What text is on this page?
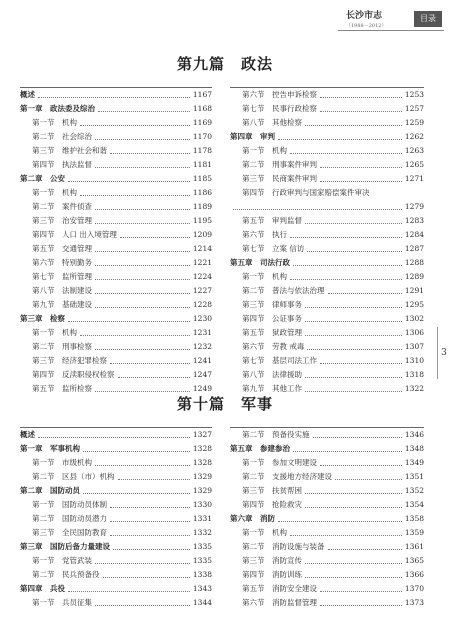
长沙市志
（1988－2012）
目录
第九篇　政法
概述	1167
第一章　政法委及综治	1168
第一节　机构	1169
第二节　社会综治	1170
第三节　维护社会和谐	1178
第四节　执法监督	1181
第二章　公安	1185
第一节　机构	1186
第二节　案件侦查	1189
第三节　治安管理	1195
第四节　人口 出入境管理	1209
第五节　交通管理	1214
第六节　特别勤务	1221
第七节　监所管理	1224
第八节　法制建设	1227
第九节　基础建设	1228
第三章　检察	1230
第一节　机构	1231
第二节　刑事检察	1232
第三节　经济犯罪检察	1241
第四节　反渎职侵权检察	1247
第五节　监所检察	1249
第六节　控告申诉检察	1253
第七节　民事行政检察	1257
第八节　其他检察	1259
第四章　审判	1262
第一节　机构	1263
第二节　刑事案件审判	1265
第三节　民商案件审判	1271
第四节　行政审判与国家赔偿案件审决
1279
第五节　审判监督	1283
第六节　执行	1284
第七节　立案 信访	1287
第五章　司法行政	1288
第一节　机构	1289
第二节　普法与依法治理	1291
第三节　律师事务	1295
第四节　公证事务	1302
第五节　狱政管理	1306
第六节　劳教 戒毒	1307
第七节　基层司法工作	1310
第八节　法律援助	1318
第九节　其他工作	1322
第十篇　军事
概述	1327
第一章　军事机构	1328
第一节　市级机构	1328
第二节　区县（市）机构	1329
第二章　国防动员	1329
第一节　国防动员体制	1330
第二节　国防动员潜力	1331
第三节　全民国防教育	1332
第三章　国防后备力量建设	1335
第一节　党管武装	1335
第二节　民兵预备役	1338
第四章　兵役	1343
第一节　兵员征集	1344
第二节　预备役实施	1346
第五章　参建参治	1348
第一节　参加文明建设	1349
第二节　支援地方经济建设	1351
第三节　扶贫帮困	1352
第四节　抢险救灾	1354
第六章　消防	1358
第一节　机构	1359
第二节　消防设施与装备	1361
第三节　消防宣传	1365
第四节　消防训练	1366
第五节　消防安全建设	1370
第六节　消防监督管理	1373
3
